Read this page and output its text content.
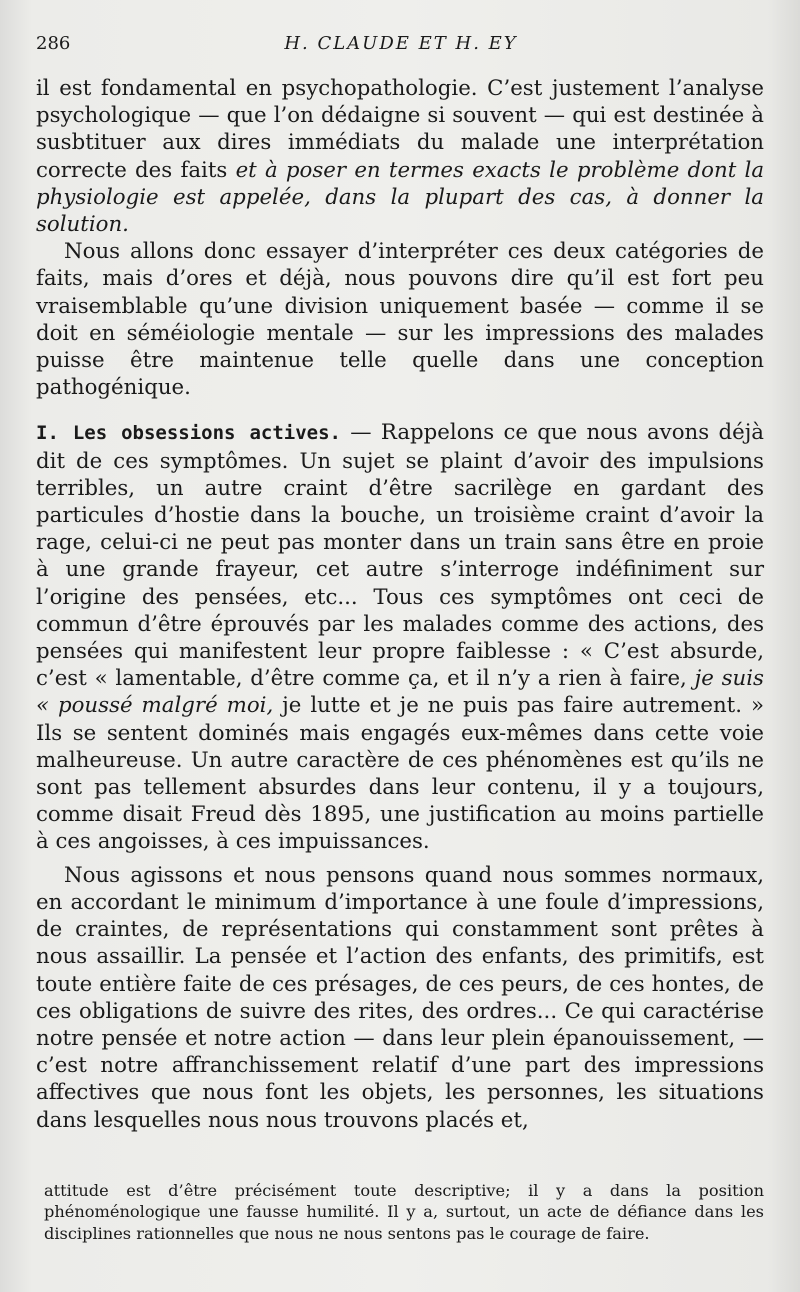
286	H. CLAUDE ET H. EY

il est fondamental en psychopathologie. C’est justement l’analyse psychologique — que l’on dédaigne si souvent — qui est destinée à susbtituer aux dires immédiats du malade une interprétation correcte des faits et à poser en termes exacts le problème dont la physiologie est appelée, dans la plupart des cas, à donner la solution.

Nous allons donc essayer d’interpréter ces deux catégories de faits, mais d’ores et déjà, nous pouvons dire qu’il est fort peu vraisemblable qu’une division uniquement basée — comme il se doit en séméiologie mentale — sur les impressions des malades puisse être maintenue telle quelle dans une conception pathogénique.

I. Les obsessions actives. — Rappelons ce que nous avons déjà dit de ces symptômes. Un sujet se plaint d’avoir des impulsions terribles, un autre craint d’être sacrilège en gardant des particules d’hostie dans la bouche, un troisième craint d’avoir la rage, celui-ci ne peut pas monter dans un train sans être en proie à une grande frayeur, cet autre s’interroge indéfiniment sur l’origine des pensées, etc... Tous ces symptômes ont ceci de commun d’être éprouvés par les malades comme des actions, des pensées qui manifestent leur propre faiblesse : « C’est absurde, c’est « lamentable, d’être comme ça, et il n’y a rien à faire, je suis « poussé malgré moi, je lutte et je ne puis pas faire autrement. » Ils se sentent dominés mais engagés eux-mêmes dans cette voie malheureuse. Un autre caractère de ces phénomènes est qu’ils ne sont pas tellement absurdes dans leur contenu, il y a toujours, comme disait Freud dès 1895, une justification au moins partielle à ces angoisses, à ces impuissances.

Nous agissons et nous pensons quand nous sommes normaux, en accordant le minimum d’importance à une foule d’impressions, de craintes, de représentations qui constamment sont prêtes à nous assaillir. La pensée et l’action des enfants, des primitifs, est toute entière faite de ces présages, de ces peurs, de ces hontes, de ces obligations de suivre des rites, des ordres... Ce qui caractérise notre pensée et notre action — dans leur plein épanouissement, — c’est notre affranchissement relatif d’une part des impressions affectives que nous font les objets, les personnes, les situations dans lesquelles nous nous trouvons placés et,

attitude est d’être précisément toute descriptive; il y a dans la position phénoménologique une fausse humilité. Il y a, surtout, un acte de défiance dans les disciplines rationnelles que nous ne nous sentons pas le courage de faire.
